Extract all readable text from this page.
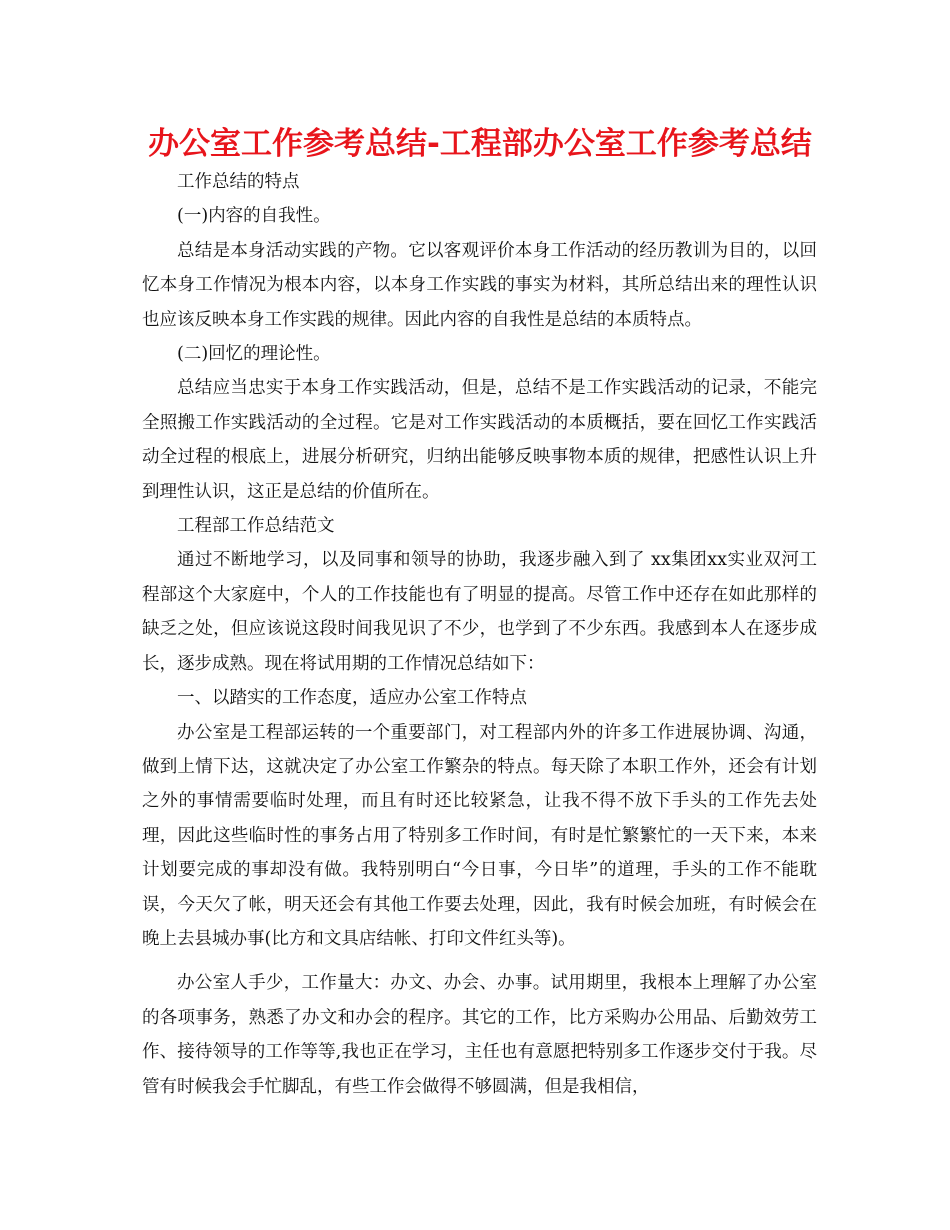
办公室工作参考总结-工程部办公室工作参考总结

工作总结的特点

(一)内容的自我性。

总结是本身活动实践的产物。它以客观评价本身工作活动的经历教训为目的，以回忆本身工作情况为根本内容，以本身工作实践的事实为材料，其所总结出来的理性认识也应该反映本身工作实践的规律。因此内容的自我性是总结的本质特点。

(二)回忆的理论性。

总结应当忠实于本身工作实践活动，但是，总结不是工作实践活动的记录，不能完全照搬工作实践活动的全过程。它是对工作实践活动的本质概括，要在回忆工作实践活动全过程的根底上，进展分析研究，归纳出能够反映事物本质的规律，把感性认识上升到理性认识，这正是总结的价值所在。

工程部工作总结范文

通过不断地学习，以及同事和领导的协助，我逐步融入到了 xx集团xx实业双河工程部这个大家庭中，个人的工作技能也有了明显的提高。尽管工作中还存在如此那样的缺乏之处，但应该说这段时间我见识了不少，也学到了不少东西。我感到本人在逐步成长，逐步成熟。现在将试用期的工作情况总结如下：

一、以踏实的工作态度，适应办公室工作特点

办公室是工程部运转的一个重要部门，对工程部内外的许多工作进展协调、沟通，做到上情下达，这就决定了办公室工作繁杂的特点。每天除了本职工作外，还会有计划之外的事情需要临时处理，而且有时还比较紧急，让我不得不放下手头的工作先去处理，因此这些临时性的事务占用了特别多工作时间，有时是忙繁繁忙的一天下来，本来计划要完成的事却没有做。我特别明白“今日事，今日毕”的道理，手头的工作不能耽误，今天欠了帐，明天还会有其他工作要去处理，因此，我有时候会加班，有时候会在晚上去县城办事(比方和文具店结帐、打印文件红头等)。

办公室人手少，工作量大：办文、办会、办事。试用期里，我根本上理解了办公室的各项事务，熟悉了办文和办会的程序。其它的工作，比方采购办公用品、后勤效劳工作、接待领导的工作等等,我也正在学习，主任也有意愿把特别多工作逐步交付于我。尽管有时候我会手忙脚乱，有些工作会做得不够圆满，但是我相信，
